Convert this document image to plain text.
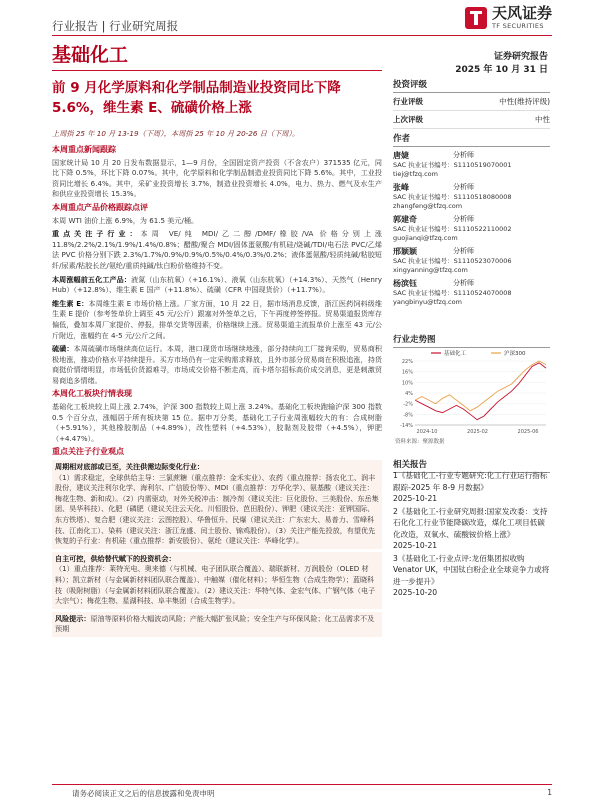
行业报告 | 行业研究周报
天风证券
TF SECURITIES
基础化工	证券研究报告
2025 年 10 月 31 日
前 9 月化学原料和化学制品制造业投资同比下降
5.6%，维生素 E、硫磺价格上涨
上周指 25 年 10 月 13-19（下周），本周指 25 年 10 月 20-26 日（下周）。
本周重点新闻跟踪
国家统计局 10 月 20 日发布数据显示，1—9 月份，全国固定资产投资（不含农户）371535 亿元，同比下降 0.5%，环比下降 0.07%。其中，化学原料和化学制品制造业投资同比下降 5.6%。其中，工业投资同比增长 6.4%。其中，采矿业投资增长 3.7%，制造业投资增长 4.0%，电力、热力、燃气及水生产和供应业投资增长 15.3%。
本周重点产品价格跟踪点评
本周 WTI 油价上涨 6.9%，为 61.5 美元/桶。
重点关注子行业：本周 VE/纯 MDI/乙二醇/DMF/橡胶/VA 价格分别上涨 11.8%/2.2%/2.1%/1.9%/1.4%/0.8%；醋酸/聚合 MDI/固体蛋氨酸/有机硅/烧碱/TDI/电石法 PVC/乙烯法 PVC 价格分别下跌 2.3%/1.7%/0.9%/0.9%/0.5%/0.4%/0.3%/0.2%；液体蛋氨酸/轻质纯碱/粘胶短纤/尿素/粘胶长丝/氨纶/重质纯碱/钛白粉价格维持不变。
本周涨幅前五化工产品：液氮（山东杭氧）（+16.1%）、液氧（山东杭氧）（+14.3%）、天然气（Henry Hub）（+12.8%）、维生素 E 国产（+11.8%）、硫磺（CFR 中国现货价）（+11.7%）。
维生素 E：本周维生素 E 市场价格上涨。厂家方面，10 月 22 日，据市场消息反馈，浙江医药饲料级维生素 E 提价（参考签单价上调至 45 元/公斤）跟塞对外签单之后，下午再度停签停报。贸易渠道报货库存偏低，叠加本周厂家提价、停报，排单交货等因素，价格继续上涨。贸易渠道主流报单价上涨至 43 元/公斤附近，涨幅约在 4-5 元/公斤之间。
硫磺：本周硫磺市场继续高位运行。本周，港口现货市场继续地涨，部分持续向工厂接询采购，贸易商积极地涨，推动价格水平持续提升。买方市场仍有一定采购需求释放，且外市部分贸易商在积极追涨，持货商挺价情绪明显，市场低价货源难寻，市场成交价格不断走高，而卡塔尔招标高价成交消息，更是刺激贸易商追多情绪。
本周化工板块行情表现
基础化工板块较上周上涨 2.74%，沪深 300 指数较上周上涨 3.24%。基础化工板块跑输沪深 300 指数 0.5 个百分点，涨幅居于所有板块第 15 位。据申万分类，基础化工子行业周涨幅较大的有：合成树脂（+5.91%），其他橡胶制品（+4.89%），改性塑料（+4.53%），胶黏剂及胶带（+4.5%），钾肥（+4.47%）。
重点关注子行业观点
周期相对底部或已至，关注供需边际变化行业：
（1）需求稳定，全球供给主导：三氯蔗糖（重点推荐：金禾实业）、农药（重点推荐：扬农化工、润丰股份，建议关注利尔化学、海利尔、广信股份等）、MDI（重点推荐：万华化学）、氨基酸（建议关注：梅花生物、新和成）。（2）内需驱动，对外关税冲击：制冷剂（建议关注：巨化股份、三美股份、东岳集团、昊华科技）、化肥（磷肥（建议关注云天化、川恒股份、芭田股份）、钾肥（建议关注：亚钾国际、东方铁塔）、复合肥（建议关注：云图控股）、华鲁恒升、民爆（建议关注：广东宏大、易普力、雪峰科技、江南化工）、染料（建议关注：浙江龙盛、闰土股份、锦鸡股份）。（3）关注产能先投放，有望优先恢复的子行业：有机硅（重点推荐：新安股份）、氨纶（建议关注：华峰化学）。
自主可控，供给替代赋下的投资机会：
（1）重点推荐：莱特光电、奥来德（与机械、电子团队联合覆盖）、瑞联新材、万润股份（OLED 材料）；凯立新材（与金属新材料团队联合覆盖）、中触媒（催化材料）；华恒生物（合成生物学）；蓝晓科技（吸附树脂）（与金属新材料团队联合覆盖）。（2）建议关注：华特气体、金宏气体、广钢气体（电子大宗气）；梅花生物、星湖科技、阜丰集团（合成生物学）。
风险提示：原油等原料价格大幅波动风险；产能大幅扩张风险；安全生产与环保风险；化工品需求不及预期
投资评级
行业评级	中性(维持评级)
上次评级	中性
作者
唐婕	分析师
SAC 执业证书编号：S1110519070001
tiej@tfzq.com
张峰	分析师
SAC 执业证书编号：S1110518080008
zhangfeng@tfzq.com
郭建奇	分析师
SAC 执业证书编号：S1110522110002
guojianqi@tfzq.com
邢颖颖	分析师
SAC 执业证书编号：S1110523070006
xingyanning@tfzq.com
杨滨钰	分析师
SAC 执业证书编号：S1110524070008
yangbinyu@tfzq.com
行业走势图
22%
16%
10%
4%
-2%
-8%
-14%
2024-10	2025-02	2025-06
基础化工	沪深300
资料来源：聚源数据
相关报告
1《基础化工-行业专题研究:化工行业运行指标跟踪-2025 年 8-9 月数据》
2025-10-21
2《基础化工-行业研究周报:国家发改委：支持石化化工行业节能降碳改造，煤化工项目低碳化改造，双氧水、硫酸铵价格上涨》
2025-10-21
3《基础化工-行业点评:龙佰集团拟收购 Venator UK，中国钛白粉企业全球竞争力或将进一步提升》
2025-10-20
请务必阅读正文之后的信息披露和免责申明	1
